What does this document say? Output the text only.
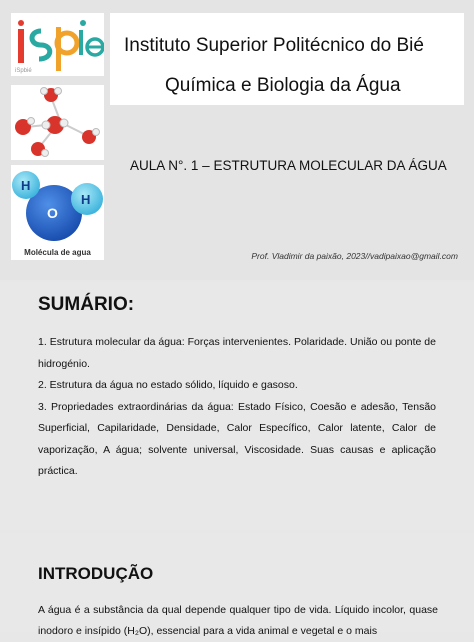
iSpbié
Instituto Superior Politécnico do Bié
Química e Biologia da Água
H
O
H
Molécula de agua
AULA N°. 1 – ESTRUTURA MOLECULAR DA ÁGUA
Prof. Vladimir da paixão, 2023//vadipaixao@gmail.com
SUMÁRIO:

1. Estrutura molecular da água: Forças intervenientes. Polaridade. União ou ponte de hidrogénio.

2. Estrutura da água no estado sólido, líquido e gasoso.

3. Propriedades extraordinárias da água: Estado Físico, Coesão e adesão, Tensão Superficial, Capilaridade, Densidade, Calor Específico, Calor latente, Calor de vaporização, A água; solvente universal, Viscosidade. Suas causas e aplicação práctica.

INTRODUÇÃO
A água é a substância da qual depende qualquer tipo de vida. Líquido incolor, quase inodoro e insípido (H₂O), essencial para a vida animal e vegetal e o mais
